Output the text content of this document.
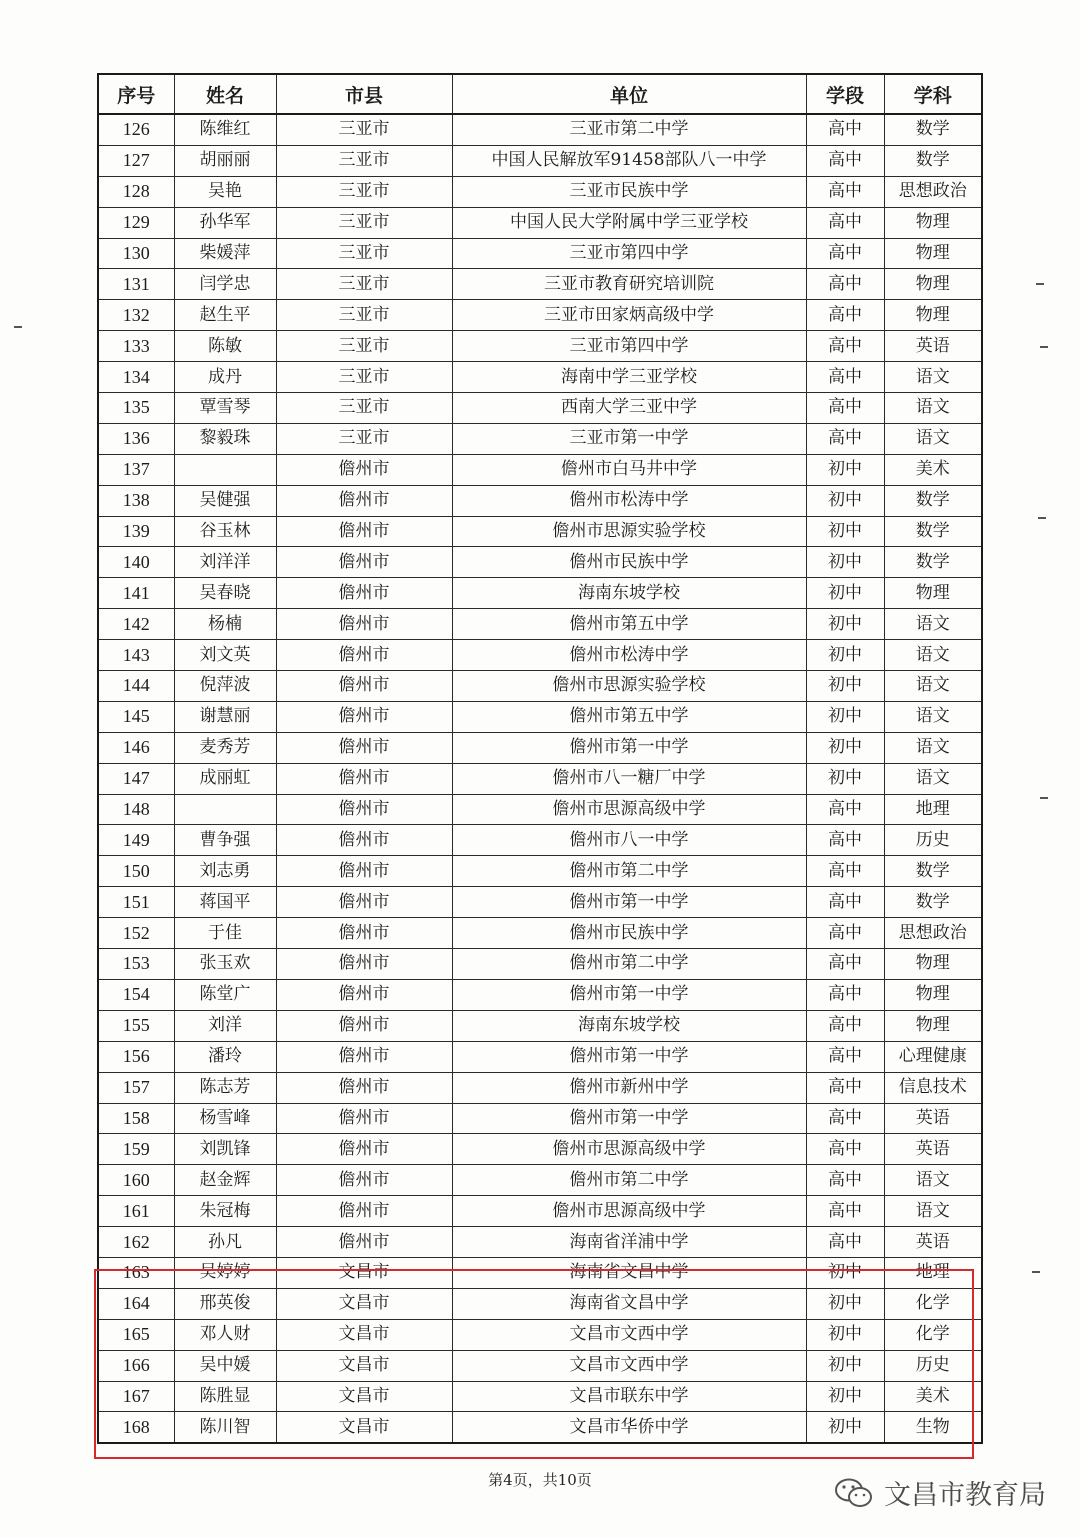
序号	姓名	市县	单位	学段	学科
126	陈维红	三亚市	三亚市第二中学	高中	数学
127	胡丽丽	三亚市	中国人民解放军91458部队八一中学	高中	数学
128	吴艳	三亚市	三亚市民族中学	高中	思想政治
129	孙华军	三亚市	中国人民大学附属中学三亚学校	高中	物理
130	柴媛萍	三亚市	三亚市第四中学	高中	物理
131	闫学忠	三亚市	三亚市教育研究培训院	高中	物理
132	赵生平	三亚市	三亚市田家炳高级中学	高中	物理
133	陈敏	三亚市	三亚市第四中学	高中	英语
134	成丹	三亚市	海南中学三亚学校	高中	语文
135	覃雪琴	三亚市	西南大学三亚中学	高中	语文
136	黎毅珠	三亚市	三亚市第一中学	高中	语文
137		儋州市	儋州市白马井中学	初中	美术
138	吴健强	儋州市	儋州市松涛中学	初中	数学
139	谷玉林	儋州市	儋州市思源实验学校	初中	数学
140	刘洋洋	儋州市	儋州市民族中学	初中	数学
141	吴春晓	儋州市	海南东坡学校	初中	物理
142	杨楠	儋州市	儋州市第五中学	初中	语文
143	刘文英	儋州市	儋州市松涛中学	初中	语文
144	倪萍波	儋州市	儋州市思源实验学校	初中	语文
145	谢慧丽	儋州市	儋州市第五中学	初中	语文
146	麦秀芳	儋州市	儋州市第一中学	初中	语文
147	成丽虹	儋州市	儋州市八一糖厂中学	初中	语文
148		儋州市	儋州市思源高级中学	高中	地理
149	曹争强	儋州市	儋州市八一中学	高中	历史
150	刘志勇	儋州市	儋州市第二中学	高中	数学
151	蒋国平	儋州市	儋州市第一中学	高中	数学
152	于佳	儋州市	儋州市民族中学	高中	思想政治
153	张玉欢	儋州市	儋州市第二中学	高中	物理
154	陈堂广	儋州市	儋州市第一中学	高中	物理
155	刘洋	儋州市	海南东坡学校	高中	物理
156	潘玲	儋州市	儋州市第一中学	高中	心理健康
157	陈志芳	儋州市	儋州市新州中学	高中	信息技术
158	杨雪峰	儋州市	儋州市第一中学	高中	英语
159	刘凯锋	儋州市	儋州市思源高级中学	高中	英语
160	赵金辉	儋州市	儋州市第二中学	高中	语文
161	朱冠梅	儋州市	儋州市思源高级中学	高中	语文
162	孙凡	儋州市	海南省洋浦中学	高中	英语
163	吴婷婷	文昌市	海南省文昌中学	初中	地理
164	邢英俊	文昌市	海南省文昌中学	初中	化学
165	邓人财	文昌市	文昌市文西中学	初中	化学
166	吴中媛	文昌市	文昌市文西中学	初中	历史
167	陈胜显	文昌市	文昌市联东中学	初中	美术
168	陈川智	文昌市	文昌市华侨中学	初中	生物
第4页，共10页	文昌市教育局
